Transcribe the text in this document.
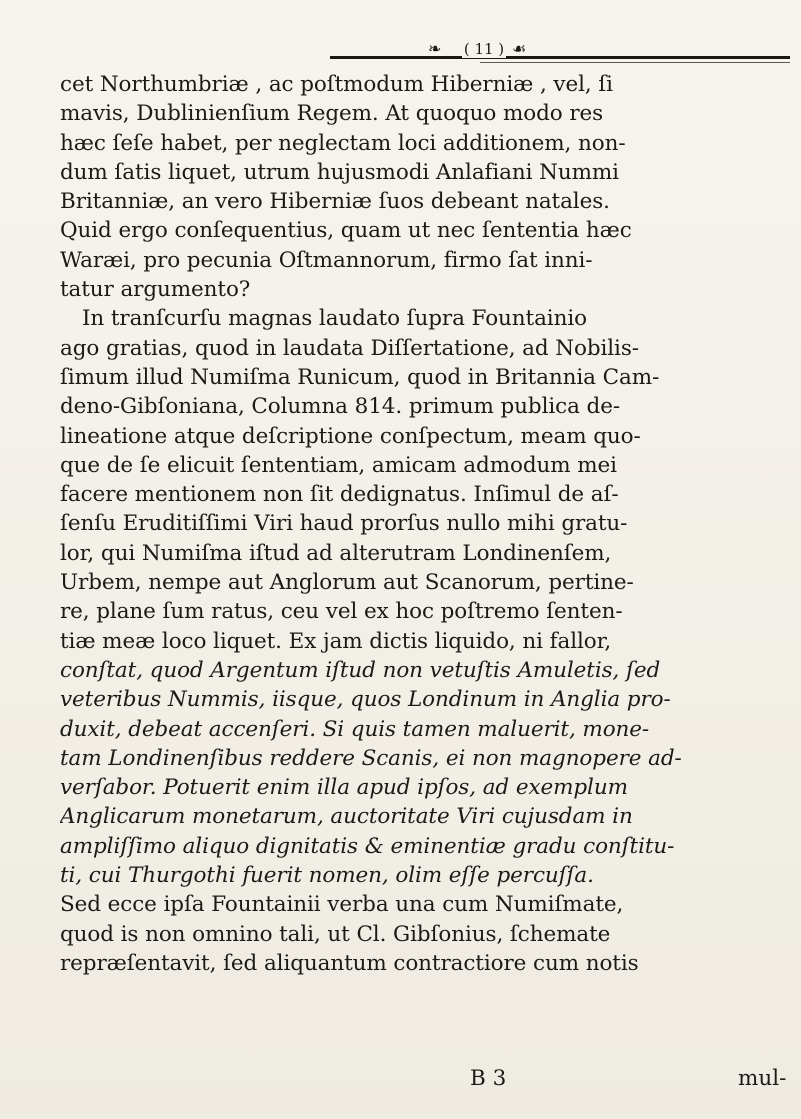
❧ ( 11 ) ☙
cet Northumbriæ , ac poſtmodum Hiberniæ , vel, ſi
mavis, Dublinienſium Regem. At quoquo modo res
hæc ſeſe habet, per neglectam loci additionem, non-
dum ſatis liquet, utrum hujusmodi Anlafiani Nummi
Britanniæ, an vero Hiberniæ ſuos debeant natales.
Quid ergo conſequentius, quam ut nec ſententia hæc
Waræi, pro pecunia Oſtmannorum, firmo ſat inni-
tatur argumento?
In tranſcurſu magnas laudato ſupra Fountainio
ago gratias, quod in laudata Diſſertatione, ad Nobilis-
ſimum illud Numiſma Runicum, quod in Britannia Cam-
deno-Gibſoniana, Columna 814. primum publica de-
lineatione atque deſcriptione conſpectum, meam quo-
que de ſe elicuit ſententiam, amicam admodum mei
facere mentionem non ſit dedignatus. Inſimul de aſ-
ſenſu Eruditiſſimi Viri haud prorſus nullo mihi gratu-
lor, qui Numiſma iſtud ad alterutram Londinenſem,
Urbem, nempe aut Anglorum aut Scanorum, pertine-
re, plane ſum ratus, ceu vel ex hoc poſtremo ſenten-
tiæ meæ loco liquet. Ex jam dictis liquido, ni fallor,
conſtat, quod Argentum iſtud non vetuſtis Amuletis, ſed
veteribus Nummis, iisque, quos Londinum in Anglia pro-
duxit, debeat accenſeri. Si quis tamen maluerit, mone-
tam Londinenſibus reddere Scanis, ei non magnopere ad-
verſabor. Potuerit enim illa apud ipſos, ad exemplum
Anglicarum monetarum, auctoritate Viri cujusdam in
ampliſſimo aliquo dignitatis & eminentiæ gradu conſtitu-
ti, cui Thurgothi fuerit nomen, olim eſſe percuſſa.
Sed ecce ipſa Fountainii verba una cum Numiſmate,
quod is non omnino tali, ut Cl. Gibſonius, ſchemate
repræſentavit, ſed aliquantum contractiore cum notis
B 3	mul-
